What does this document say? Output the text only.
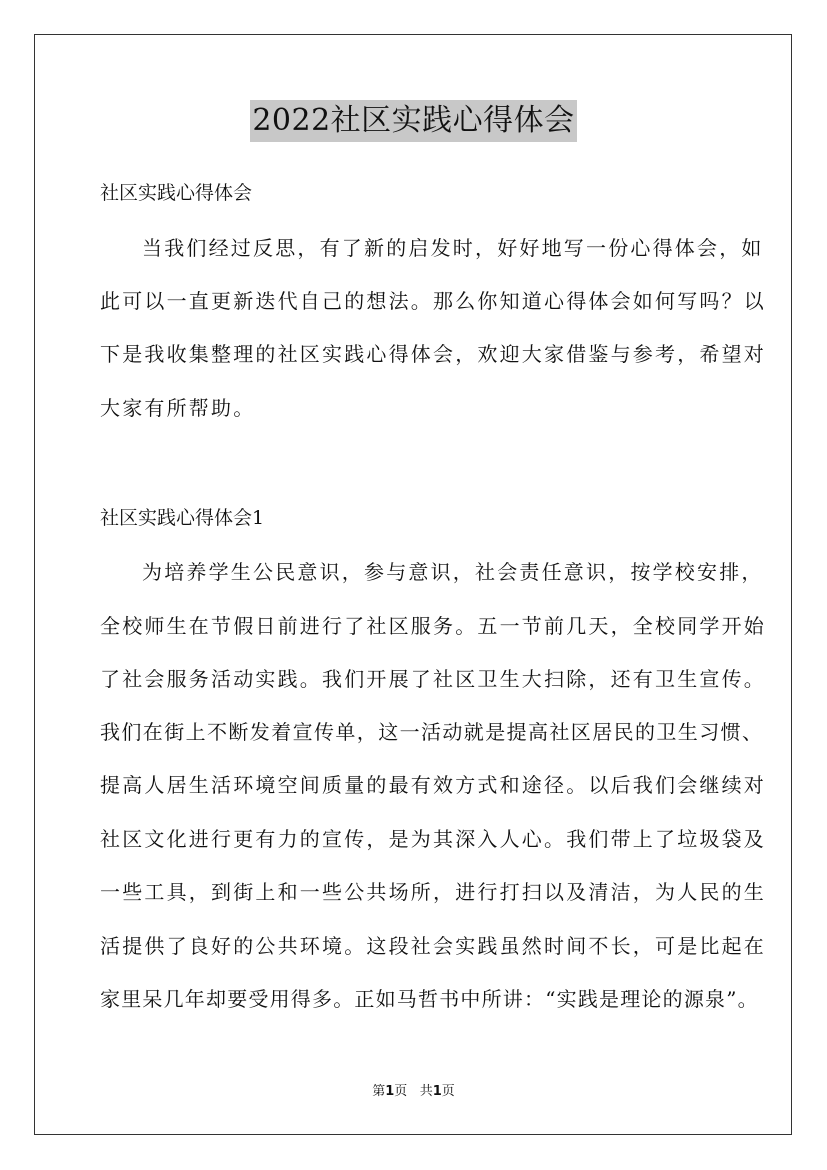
2022社区实践心得体会
社区实践心得体会
当我们经过反思，有了新的启发时，好好地写一份心得体会，如
此可以一直更新迭代自己的想法。那么你知道心得体会如何写吗？以
下是我收集整理的社区实践心得体会，欢迎大家借鉴与参考，希望对
大家有所帮助。
社区实践心得体会1
为培养学生公民意识，参与意识，社会责任意识，按学校安排，
全校师生在节假日前进行了社区服务。五一节前几天，全校同学开始
了社会服务活动实践。我们开展了社区卫生大扫除，还有卫生宣传。
我们在街上不断发着宣传单，这一活动就是提高社区居民的卫生习惯、
提高人居生活环境空间质量的最有效方式和途径。以后我们会继续对
社区文化进行更有力的宣传，是为其深入人心。我们带上了垃圾袋及
一些工具，到街上和一些公共场所，进行打扫以及清洁，为人民的生
活提供了良好的公共环境。这段社会实践虽然时间不长，可是比起在
家里呆几年却要受用得多。正如马哲书中所讲：“实践是理论的源泉”。
第1页 共1页
